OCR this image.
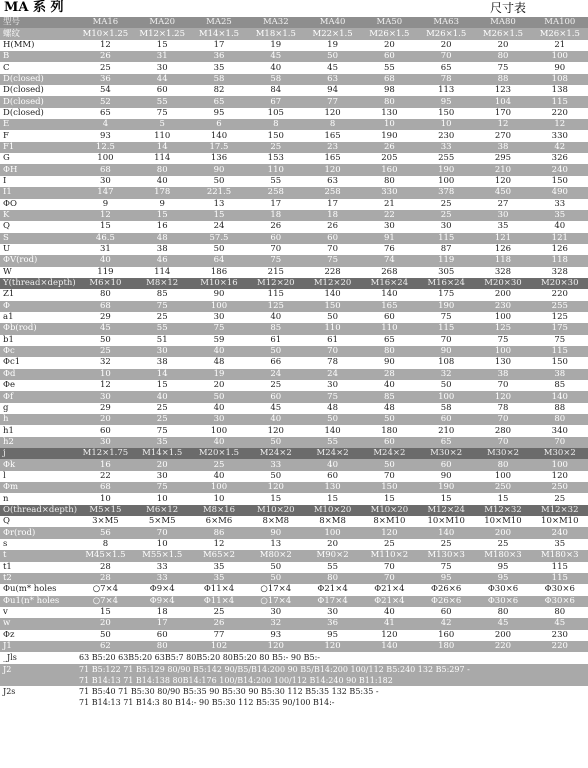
MA 系 列	尺寸表
型号	MA16	MA20	MA25	MA32	MA40	MA50	MA63	MA80	MA100
螺纹	M10×1.25	M12×1.25	M14×1.5	M18×1.5	M22×1.5	M26×1.5	M26×1.5	M26×1.5	M26×1.5
H(MM)	12	15	17	19	19	20	20	20	21
B	26	31	36	45	50	60	70	80	100
C	25	30	35	40	45	55	65	75	90
D(closed)	36	44	58	58	63	68	78	88	108
D(closed)	54	60	82	84	94	98	113	123	138
D(closed)	52	55	65	67	77	80	95	104	115
D(closed)	65	75	95	105	120	130	150	170	220
E	4	5	6	8	8	10	10	12	12
F	93	110	140	150	165	190	230	270	330
F1	12.5	14	17.5	25	23	26	33	38	42
G	100	114	136	153	165	205	255	295	326
ΦH	68	80	90	110	120	160	190	210	240
I	30	40	50	55	63	80	100	120	150
I1	147	178	221.5	258	258	330	378	450	490
ΦO	9	9	13	17	17	21	25	27	33
K	12	15	15	18	18	22	25	30	35
Q	15	16	24	26	26	30	30	35	40
S	46.5	48	57.5	60	60	91	115	121	121
U	31	38	50	70	70	76	87	126	126
ΦV(rod)	40	46	64	75	75	74	119	118	118
W	119	114	186	215	228	268	305	328	328
Y(thread×depth)	M6×10	M8×12	M10×16	M12×20	M12×20	M16×24	M16×24	M20×30	M20×30
Z1	80	85	90	115	140	140	175	200	220
Φ	68	75	100	125	150	165	190	230	255
a1	29	25	30	40	50	60	75	100	125
Φb(rod)	45	55	75	85	110	110	115	125	175
b1	50	51	59	61	61	65	70	75	75
Φc	25	30	40	50	70	80	90	100	115
Φc1	32	38	48	66	78	90	108	130	150
Φd	10	14	19	24	24	28	32	38	38
Φe	12	15	20	25	30	40	50	70	85
Φf	30	40	50	60	75	85	100	120	140
g	29	25	40	45	48	48	58	78	88
h	20	25	30	40	50	50	60	70	80
h1	60	75	100	120	140	180	210	280	340
h2	30	35	40	50	55	60	65	70	70
j	M12×1.75	M14×1.5	M20×1.5	M24×2	M24×2	M24×2	M30×2	M30×2	M30×2
Φk	16	20	25	33	40	50	60	80	100
l	22	30	40	50	60	70	90	100	120
Φm	68	75	100	120	130	150	190	250	250
n	10	10	10	15	15	15	15	15	25
O(thread×depth)	M5×15	M6×12	M8×16	M10×20	M10×20	M10×20	M12×24	M12×32	M12×32
Q	3×M5	5×M5	6×M6	8×M8	8×M8	8×M10	10×M10	10×M10	10×M10
Φr(rod)	56	70	86	90	100	120	140	200	240
s	8	10	12	13	20	25	25	25	35
t	M45×1.5	M55×1.5	M65×2	M80×2	M90×2	M110×2	M130×3	M180×3	M180×3
t1	28	33	35	50	55	70	75	95	115
t2	28	33	35	50	80	70	95	95	115
Φu(m* holes	○7×4	Φ9×4	Φ11×4	○17×4	Φ21×4	Φ21×4	Φ26×6	Φ30×6	Φ30×6
Φu1(n* holes	○7×4	Φ9×4	Φ11×4	○17×4	Φ17×4	Φ21×4	Φ26×6	Φ30×6	Φ30×6
v	15	18	25	30	30	40	60	80	80
w	20	17	26	32	36	41	42	45	45
Φz	50	60	77	93	95	120	160	200	230
J1	62	80	102	120	120	140	180	220	220
_Jls	63 B5:20 63B5:20 63B5:7 80B5:20 80B5:20 80 B5:- 90 B5:-								

J2	71 B5:122 71 B5:129 80/90 B5:142 90/B5/B14:200 90 B5/B14:200 100/112 B5:240 132 B5:297 -
71 B14:13 71 B14:138 80B14:176 100/B14:200 100/112 B14:240 90 B11:182								

J2s	71 B5:40 71 B5:30 80/90 B5:35 90 B5:30 90 B5:30 112 B5:35 132 B5:35 -
71 B14:13 71 B14:3 80 B14:- 90 B5:30 112 B5:35 90/100 B14:-								
